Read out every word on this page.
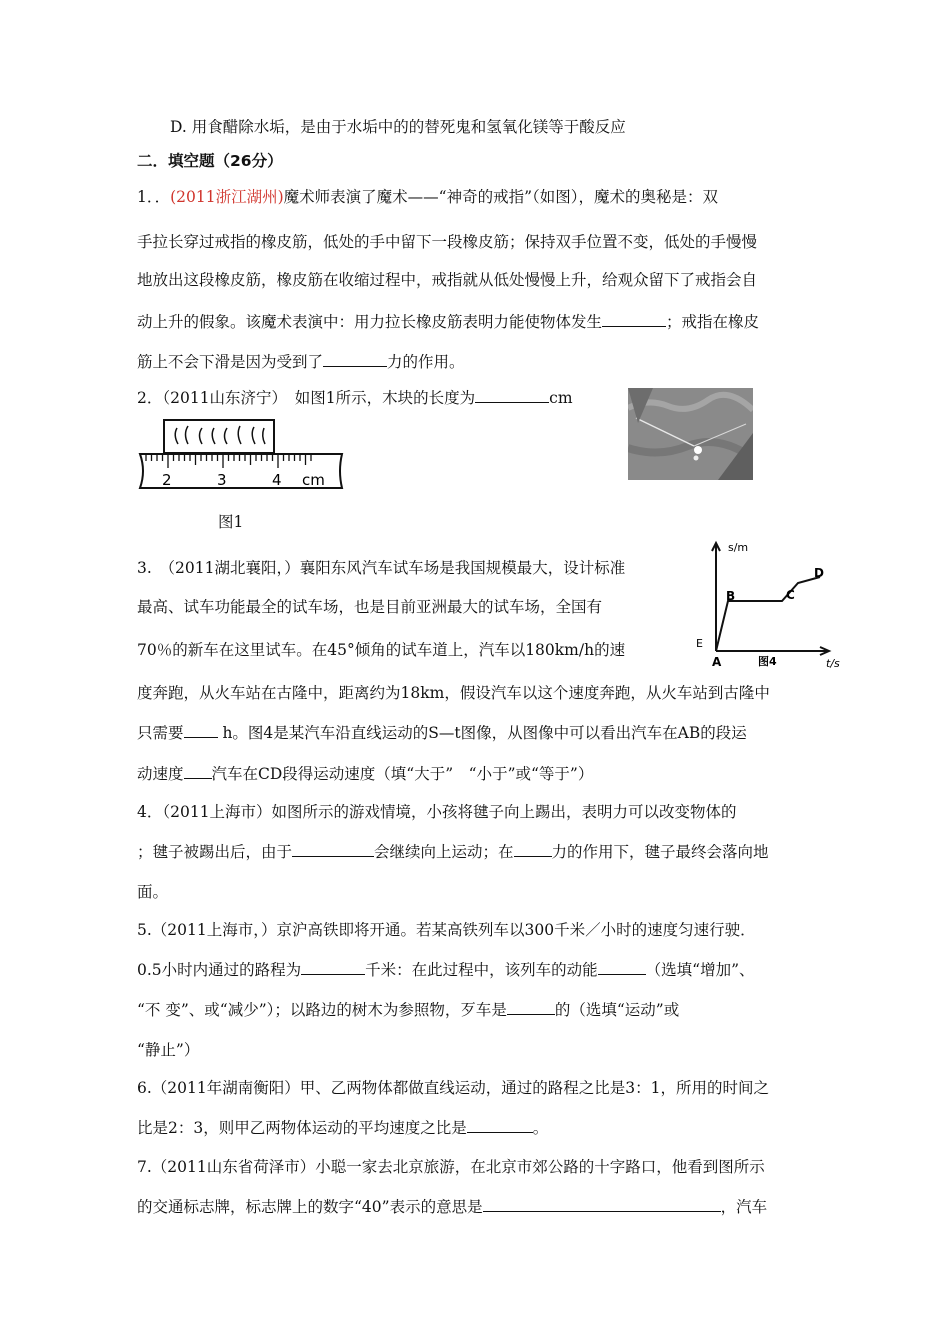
D. 用食醋除水垢，是由于水垢中的的替死鬼和氢氧化镁等于酸反应
二．填空题（26分）
1．．(2011浙江湖州)魔术师表演了魔术——“神奇的戒指”（如图），魔术的奥秘是：双
手拉长穿过戒指的橡皮筋，低处的手中留下一段橡皮筋；保持双手位置不变，低处的手慢慢
地放出这段橡皮筋，橡皮筋在收缩过程中，戒指就从低处慢慢上升，给观众留下了戒指会自
动上升的假象。该魔术表演中：用力拉长橡皮筋表明力能使物体发生	；戒指在橡皮
筋上不会下滑是因为受到了	力的作用。
2．（2011山东济宁）　如图1所示，木块的长度为	cm
2	3	4 cm
图1
s/m
t/s
A
B	C
D
图4
E
3.　（2011湖北襄阳，）襄阳东风汽车试车场是我国规模最大，设计标准
最高、试车功能最全的试车场，也是目前亚洲最大的试车场，全国有
70％的新车在这里试车。在45°倾角的试车道上，汽车以180km/h的速
度奔跑，从火车站在古隆中，距离约为18km，假设汽车以这个速度奔跑，从火车站到古隆中
只需要 h。图4是某汽车沿直线运动的S—t图像，从图像中可以看出汽车在AB的段运
动速度 汽车在CD段得运动速度（填“大于”　“小于”或“等于”）
4．（2011上海市）如图所示的游戏情境，小孩将毽子向上踢出，表明力可以改变物体的
；毽子被踢出后，由于	会继续向上运动；在 力的作用下，毽子最终会落向地
面。
5.（2011上海市，）京沪高铁即将开通。若某高铁列车以300千米／小时的速度匀速行驶．
0.5小时内通过的路程为	千米：在此过程中，该列车的动能	（选填“增加”、
“不 变”、或“减少”）；以路边的树木为参照物，歹车是	的（选填“运动”或
“静止”）
6.（2011年湖南衡阳）甲、乙两物体都做直线运动，通过的路程之比是3：1，所用的时间之
比是2：3，则甲乙两物体运动的平均速度之比是	。
7.（2011山东省荷泽市）小聪一家去北京旅游，在北京市郊公路的十字路口，他看到图所示
的交通标志牌，标志牌上的数字“40”表示的意思是	，汽车
